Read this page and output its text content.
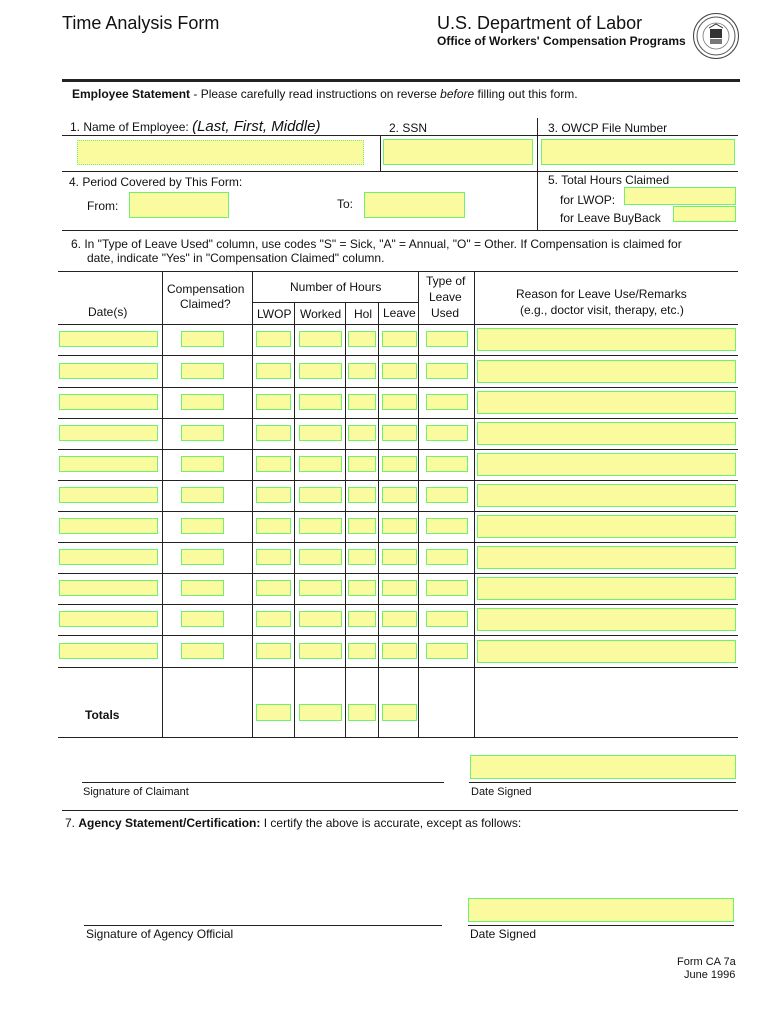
Time Analysis Form	U.S. Department of Labor
Office of Workers' Compensation Programs
Employee Statement - Please carefully read instructions on reverse before filling out this form.
1. Name of Employee: (Last, First, Middle)	2. SSN	3. OWCP File Number
4. Period Covered by This Form:
From:	To:
5. Total Hours Claimed
for LWOP:
for Leave BuyBack
6. In "Type of Leave Used" column, use codes "S" = Sick, "A" = Annual, "O" = Other. If Compensation is claimed for
date, indicate "Yes" in "Compensation Claimed" column.
Date(s)
Compensation
Claimed?
Number of Hours
LWOP Worked Hol Leave
Type of
Leave
Used
Reason for Leave Use/Remarks
(e.g., doctor visit, therapy, etc.)
Totals
Signature of Claimant	Date Signed
7. Agency Statement/Certification: I certify the above is accurate, except as follows:
Signature of Agency Official	Date Signed
Form CA 7a
June 1996
